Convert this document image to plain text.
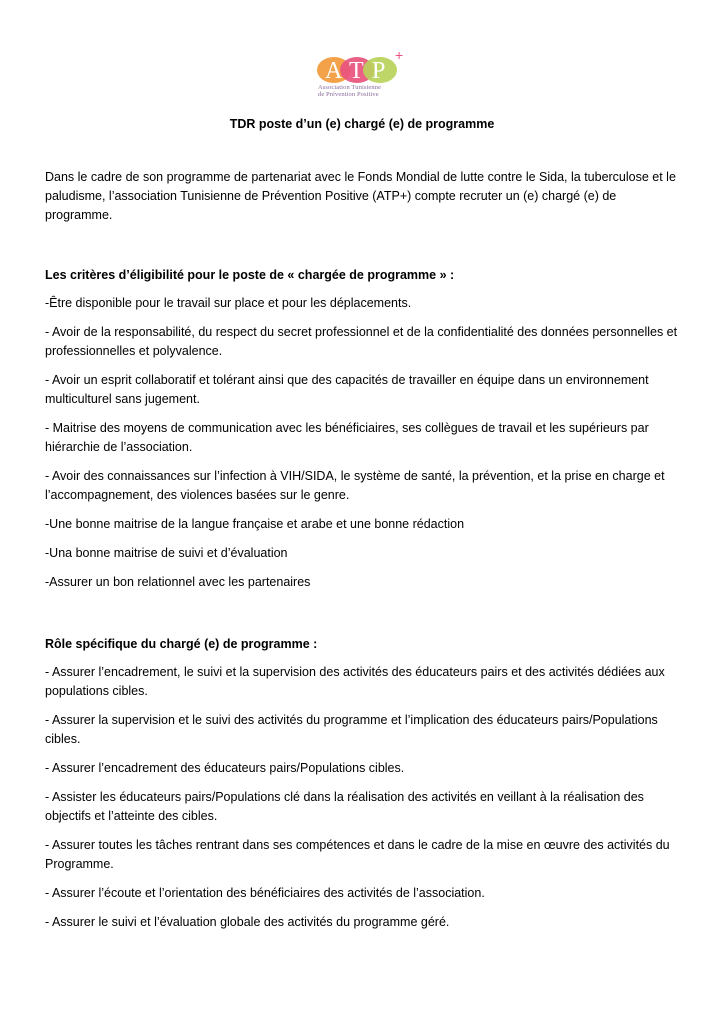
A T P
+
Association Tunisienne
de Prévention Positive
TDR poste d’un (e) chargé (e) de programme

Dans le cadre de son programme de partenariat avec le Fonds Mondial de lutte contre le Sida, la tuberculose et le paludisme, l’association Tunisienne de Prévention Positive (ATP+) compte recruter un (e) chargé (e) de programme.

Les critères d’éligibilité pour le poste de « chargée de programme » :

-Être disponible pour le travail sur place et pour les déplacements.

- Avoir de la responsabilité, du respect du secret professionnel et de la confidentialité des données personnelles et professionnelles et polyvalence.

- Avoir un esprit collaboratif et tolérant ainsi que des capacités de travailler en équipe dans un environnement multiculturel sans jugement.

- Maitrise des moyens de communication avec les bénéficiaires, ses collègues de travail et les supérieurs par hiérarchie de l’association.

- Avoir des connaissances sur l’infection à VIH/SIDA, le système de santé, la prévention, et la prise en charge et l’accompagnement, des violences basées sur le genre.

-Une bonne maitrise de la langue française et arabe et une bonne rédaction

-Una bonne maitrise de suivi et d’évaluation

-Assurer un bon relationnel avec les partenaires

Rôle spécifique du chargé (e) de programme :

- Assurer l’encadrement, le suivi et la supervision des activités des éducateurs pairs et des activités dédiées aux populations cibles.

- Assurer la supervision et le suivi des activités du programme et l’implication des éducateurs pairs/Populations cibles.

- Assurer l’encadrement des éducateurs pairs/Populations cibles.

- Assister les éducateurs pairs/Populations clé dans la réalisation des activités en veillant à la réalisation des objectifs et l’atteinte des cibles.

- Assurer toutes les tâches rentrant dans ses compétences et dans le cadre de la mise en œuvre des activités du Programme.

- Assurer l’écoute et l’orientation des bénéficiaires des activités de l’association.

- Assurer le suivi et l’évaluation globale des activités du programme géré.
